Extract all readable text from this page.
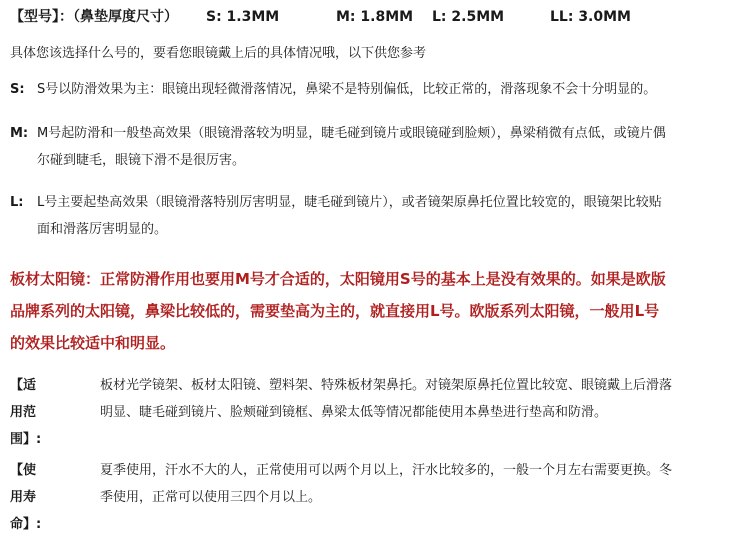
【型号】：（鼻垫厚度尺寸） S: 1.3MM	M: 1.8MM L: 2.5MM	LL: 3.0MM
具体您该选择什么号的，要看您眼镜戴上后的具体情况哦，以下供您参考
S: S号以防滑效果为主：眼镜出现轻微滑落情况，鼻梁不是特别偏低，比较正常的，滑落现象不会十分明显的。
M: M号起防滑和一般垫高效果（眼镜滑落较为明显，睫毛碰到镜片或眼镜碰到脸颊），鼻梁稍微有点低，或镜片偶
尔碰到睫毛，眼镜下滑不是很厉害。
L: L号主要起垫高效果（眼镜滑落特别厉害明显，睫毛碰到镜片），或者镜架原鼻托位置比较宽的，眼镜架比较贴
面和滑落厉害明显的。
板材太阳镜：正常防滑作用也要用M号才合适的，太阳镜用S号的基本上是没有效果的。如果是欧版
品牌系列的太阳镜，鼻梁比较低的，需要垫高为主的，就直接用L号。欧版系列太阳镜，一般用L号
的效果比较适中和明显。
【适用范围】:
板材光学镜架、板材太阳镜、塑料架、特殊板材架鼻托。对镜架原鼻托位置比较宽、眼镜戴上后滑落
明显、睫毛碰到镜片、脸颊碰到镜框、鼻梁太低等情况都能使用本鼻垫进行垫高和防滑。
【使用寿命】:
夏季使用，汗水不大的人，正常使用可以两个月以上，汗水比较多的，一般一个月左右需要更换。冬
季使用，正常可以使用三四个月以上。
